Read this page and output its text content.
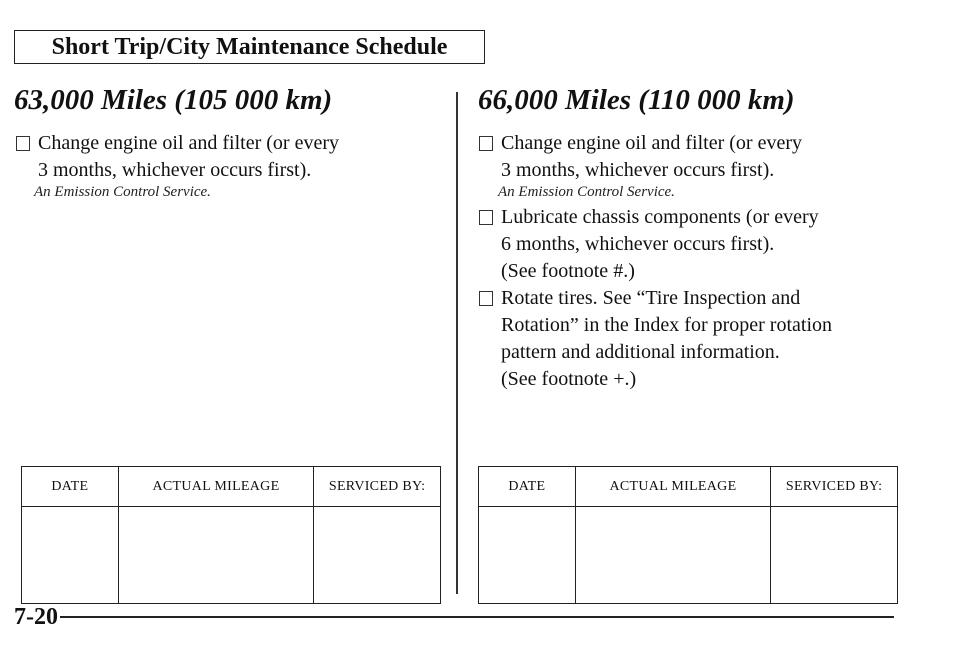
Short Trip/City Maintenance Schedule
63,000 Miles (105 000 km)
Change engine oil and filter (or every
3 months, whichever occurs first).
An Emission Control Service.
DATE	ACTUAL MILEAGE	SERVICED BY:

66,000 Miles (110 000 km)
Change engine oil and filter (or every
3 months, whichever occurs first).
An Emission Control Service.
Lubricate chassis components (or every
6 months, whichever occurs first).
(See footnote #.)
Rotate tires. See “Tire Inspection and
Rotation” in the Index for proper rotation
pattern and additional information.
(See footnote +.)
DATE	ACTUAL MILEAGE	SERVICED BY:

7-20
